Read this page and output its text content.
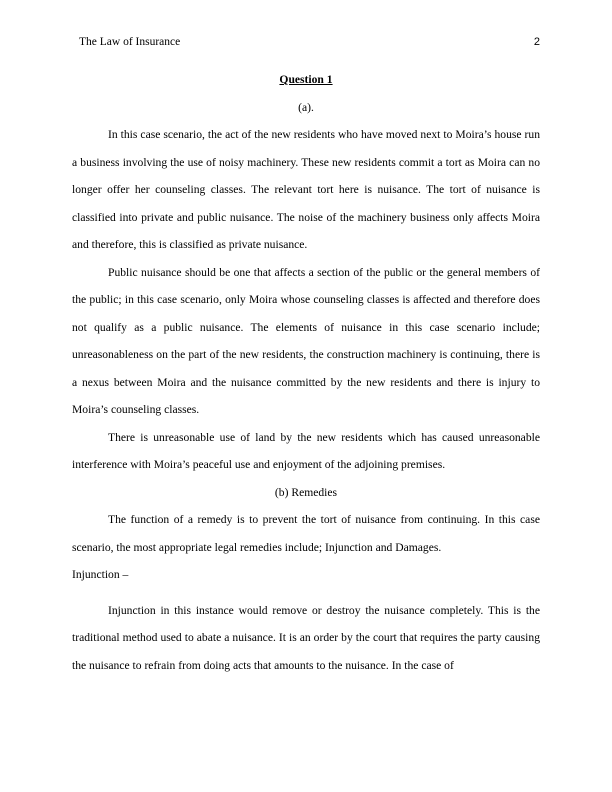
The Law of Insurance	2
Question 1
(a).

In this case scenario, the act of the new residents who have moved next to Moira’s house run a business involving the use of noisy machinery. These new residents commit a tort as Moira can no longer offer her counseling classes. The relevant tort here is nuisance. The tort of nuisance is classified into private and public nuisance. The noise of the machinery business only affects Moira and therefore, this is classified as private nuisance.

Public nuisance should be one that affects a section of the public or the general members of the public; in this case scenario, only Moira whose counseling classes is affected and therefore does not qualify as a public nuisance. The elements of nuisance in this case scenario include; unreasonableness on the part of the new residents, the construction machinery is continuing, there is a nexus between Moira and the nuisance committed by the new residents and there is injury to Moira’s counseling classes.

There is unreasonable use of land by the new residents which has caused unreasonable interference with Moira’s peaceful use and enjoyment of the adjoining premises.

(b) Remedies

The function of a remedy is to prevent the tort of nuisance from continuing. In this case scenario, the most appropriate legal remedies include; Injunction and Damages.

Injunction –

Injunction in this instance would remove or destroy the nuisance completely. This is the traditional method used to abate a nuisance. It is an order by the court that requires the party causing the nuisance to refrain from doing acts that amounts to the nuisance. In the case of
